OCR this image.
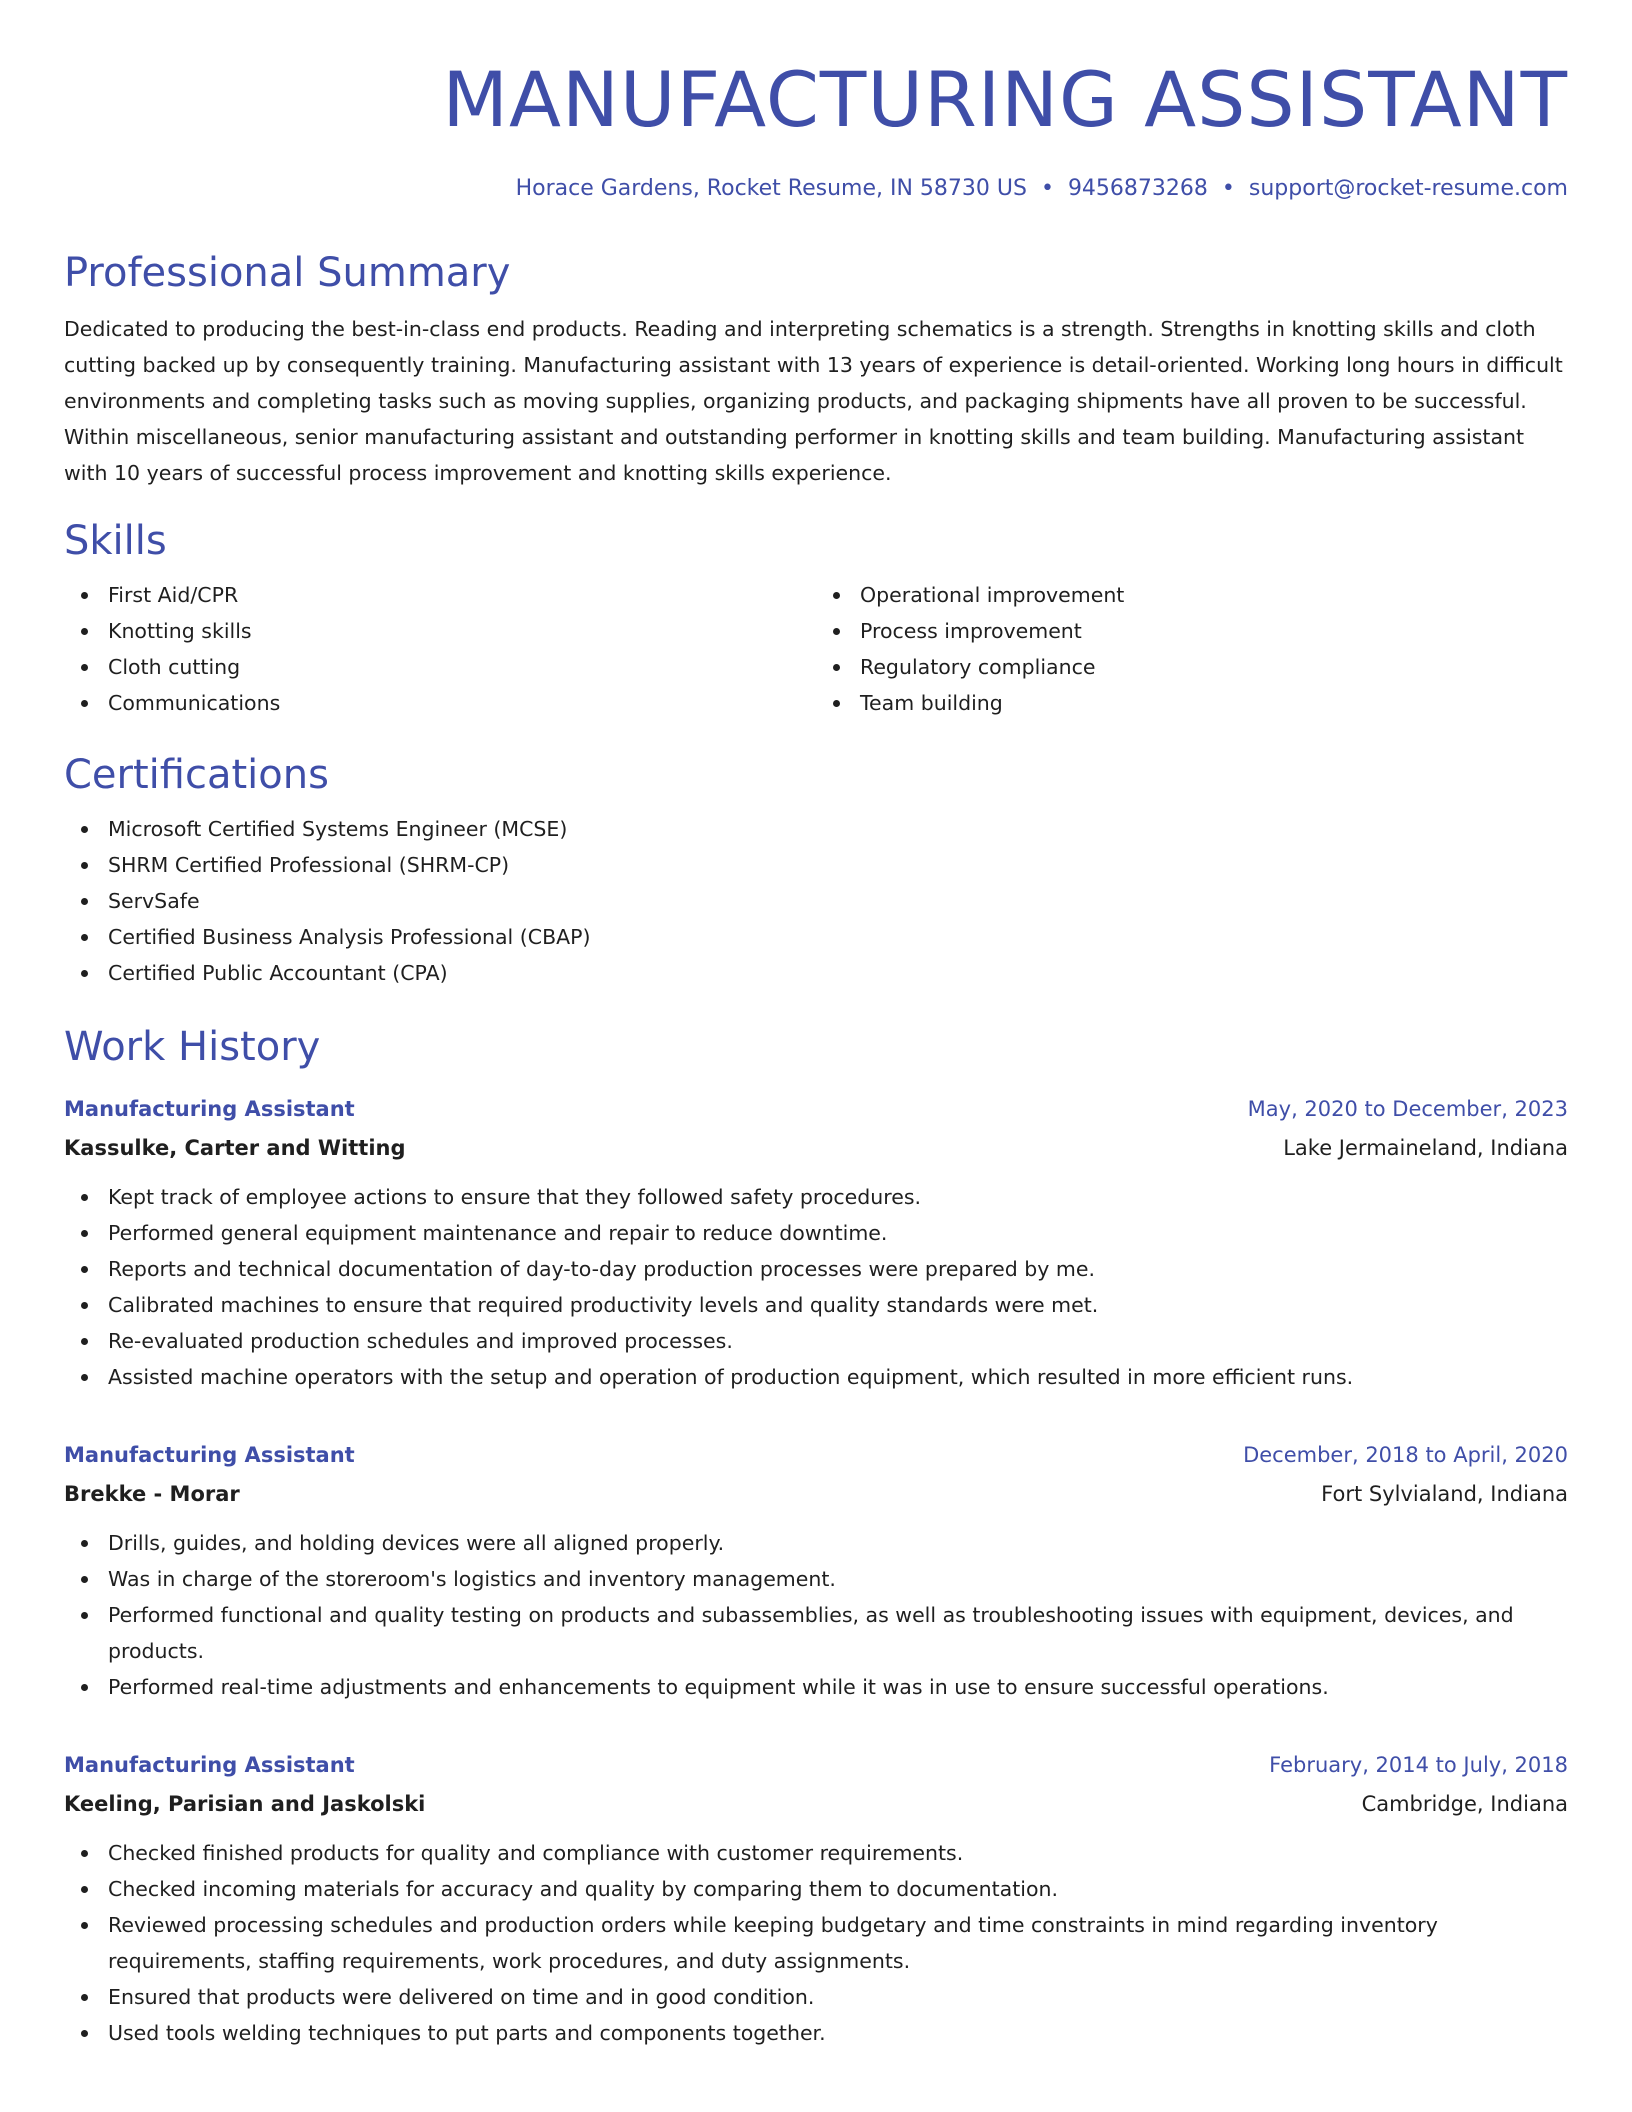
MANUFACTURING ASSISTANT
Horace Gardens, Rocket Resume, IN 58730 US • 9456873268 • support@rocket-resume.com
Professional Summary
Dedicated to producing the best-in-class end products. Reading and interpreting schematics is a strength. Strengths in knotting skills and cloth cutting backed up by consequently training. Manufacturing assistant with 13 years of experience is detail-oriented. Working long hours in difficult environments and completing tasks such as moving supplies, organizing products, and packaging shipments have all proven to be successful. Within miscellaneous, senior manufacturing assistant and outstanding performer in knotting skills and team building. Manufacturing assistant with 10 years of successful process improvement and knotting skills experience.
Skills
First Aid/CPR
Knotting skills
Cloth cutting
Communications
Operational improvement
Process improvement
Regulatory compliance
Team building
Certifications
Microsoft Certified Systems Engineer (MCSE)
SHRM Certified Professional (SHRM-CP)
ServSafe
Certified Business Analysis Professional (CBAP)
Certified Public Accountant (CPA)
Work History
Manufacturing Assistant	May, 2020 to December, 2023
Kassulke, Carter and Witting	Lake Jermaineland, Indiana
Kept track of employee actions to ensure that they followed safety procedures.
Performed general equipment maintenance and repair to reduce downtime.
Reports and technical documentation of day-to-day production processes were prepared by me.
Calibrated machines to ensure that required productivity levels and quality standards were met.
Re-evaluated production schedules and improved processes.
Assisted machine operators with the setup and operation of production equipment, which resulted in more efficient runs.
Manufacturing Assistant	December, 2018 to April, 2020
Brekke - Morar	Fort Sylvialand, Indiana
Drills, guides, and holding devices were all aligned properly.
Was in charge of the storeroom's logistics and inventory management.
Performed functional and quality testing on products and subassemblies, as well as troubleshooting issues with equipment, devices, and products.
Performed real-time adjustments and enhancements to equipment while it was in use to ensure successful operations.
Manufacturing Assistant	February, 2014 to July, 2018
Keeling, Parisian and Jaskolski	Cambridge, Indiana
Checked finished products for quality and compliance with customer requirements.
Checked incoming materials for accuracy and quality by comparing them to documentation.
Reviewed processing schedules and production orders while keeping budgetary and time constraints in mind regarding inventory requirements, staffing requirements, work procedures, and duty assignments.
Ensured that products were delivered on time and in good condition.
Used tools welding techniques to put parts and components together.
